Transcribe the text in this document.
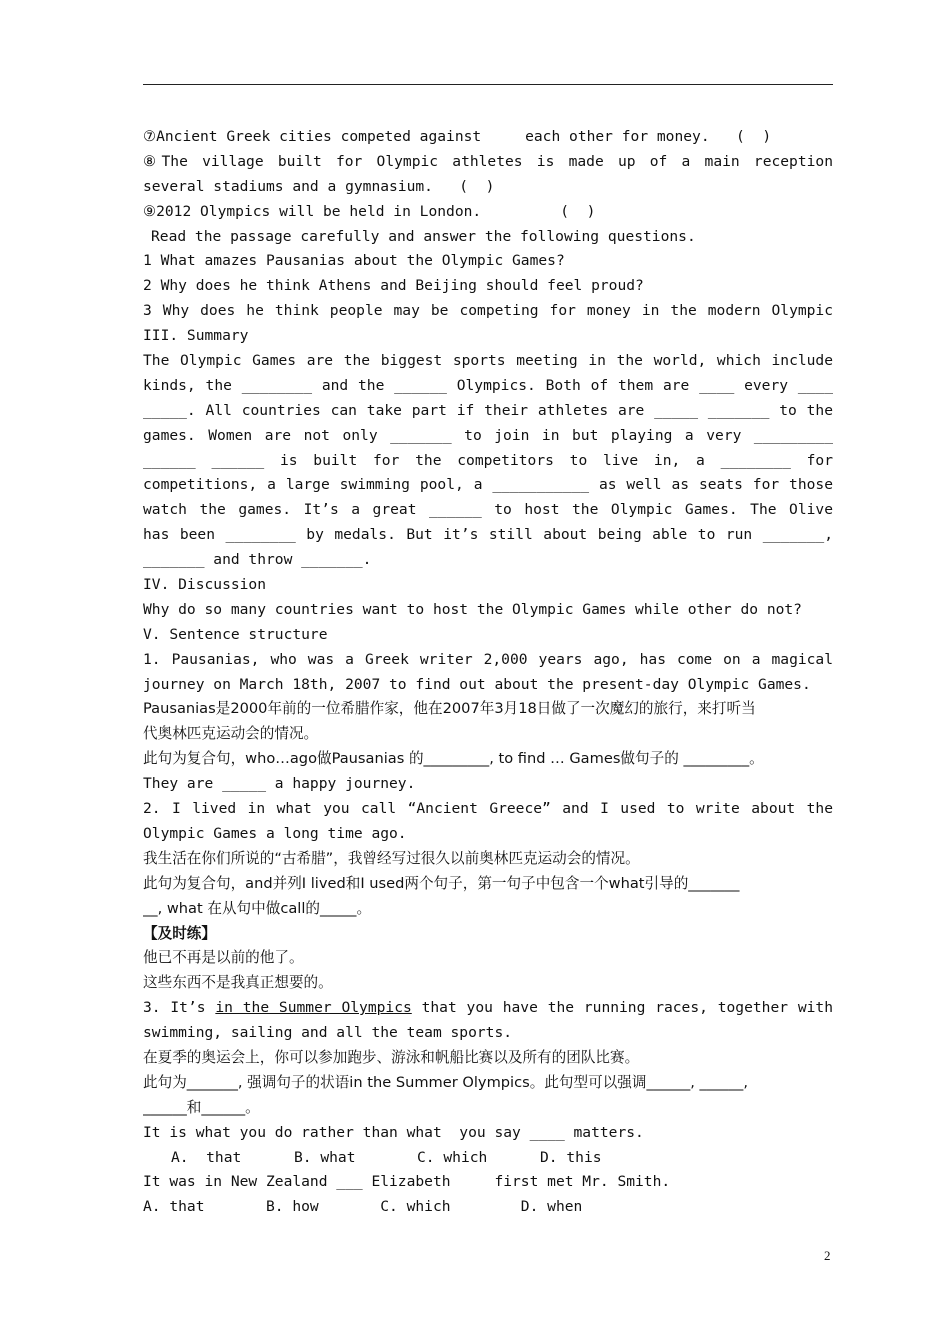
⑦Ancient Greek cities competed against     each other for money.   (  )
⑧The village built for Olympic athletes is made up of a main reception
several stadiums and a gymnasium.   (  )
⑨2012 Olympics will be held in London.         (  )
Read the passage carefully and answer the following questions.
1 What amazes Pausanias about the Olympic Games?
2 Why does he think Athens and Beijing should feel proud?
3 Why does he think people may be competing for money in the modern Olympic
III. Summary
The Olympic Games are the biggest sports meeting in the world, which include
kinds, the ________ and the ______ Olympics. Both of them are ____ every ____
_____. All countries can take part if their athletes are _____ _______ to the
games. Women are not only _______ to join in but playing a very _________
______ ______ is built for the competitors to live in, a ________ for
competitions, a large swimming pool, a ___________ as well as seats for those
watch the games. It’s a great ______ to host the Olympic Games. The Olive
has been ________ by medals. But it’s still about being able to run _______,
_______ and throw _______.
IV. Discussion
Why do so many countries want to host the Olympic Games while other do not?
V. Sentence structure
1. Pausanias, who was a Greek writer 2,000 years ago, has come on a magical
journey on March 18th, 2007 to find out about the present-day Olympic Games.
Pausanias是2000年前的一位希腊作家，他在2007年3月18日做了一次魔幻的旅行，来打听当
代奥林匹克运动会的情况。
此句为复合句，who…ago做Pausanias 的_________, to find … Games做句子的 _________。
They are _____ a happy journey.
2. I lived in what you call “Ancient Greece” and I used to write about the
Olympic Games a long time ago.
我生活在你们所说的“古希腊”，我曾经写过很久以前奥林匹克运动会的情况。
此句为复合句，and并列I lived和I used两个句子，第一句子中包含一个what引导的_______
__, what 在从句中做call的_____。
【及时练】
他已不再是以前的他了。
这些东西不是我真正想要的。
3. It’s in the Summer Olympics that you have the running races, together with
swimming, sailing and all the team sports.
在夏季的奥运会上，你可以参加跑步、游泳和帆船比赛以及所有的团队比赛。
此句为_______, 强调句子的状语in the Summer Olympics。此句型可以强调______, ______,
______和______。
It is what you do rather than what  you say ____ matters.
A.  that      B. what       C. which      D. this
It was in New Zealand ___ Elizabeth     first met Mr. Smith.
A. that       B. how       C. which        D. when
2
